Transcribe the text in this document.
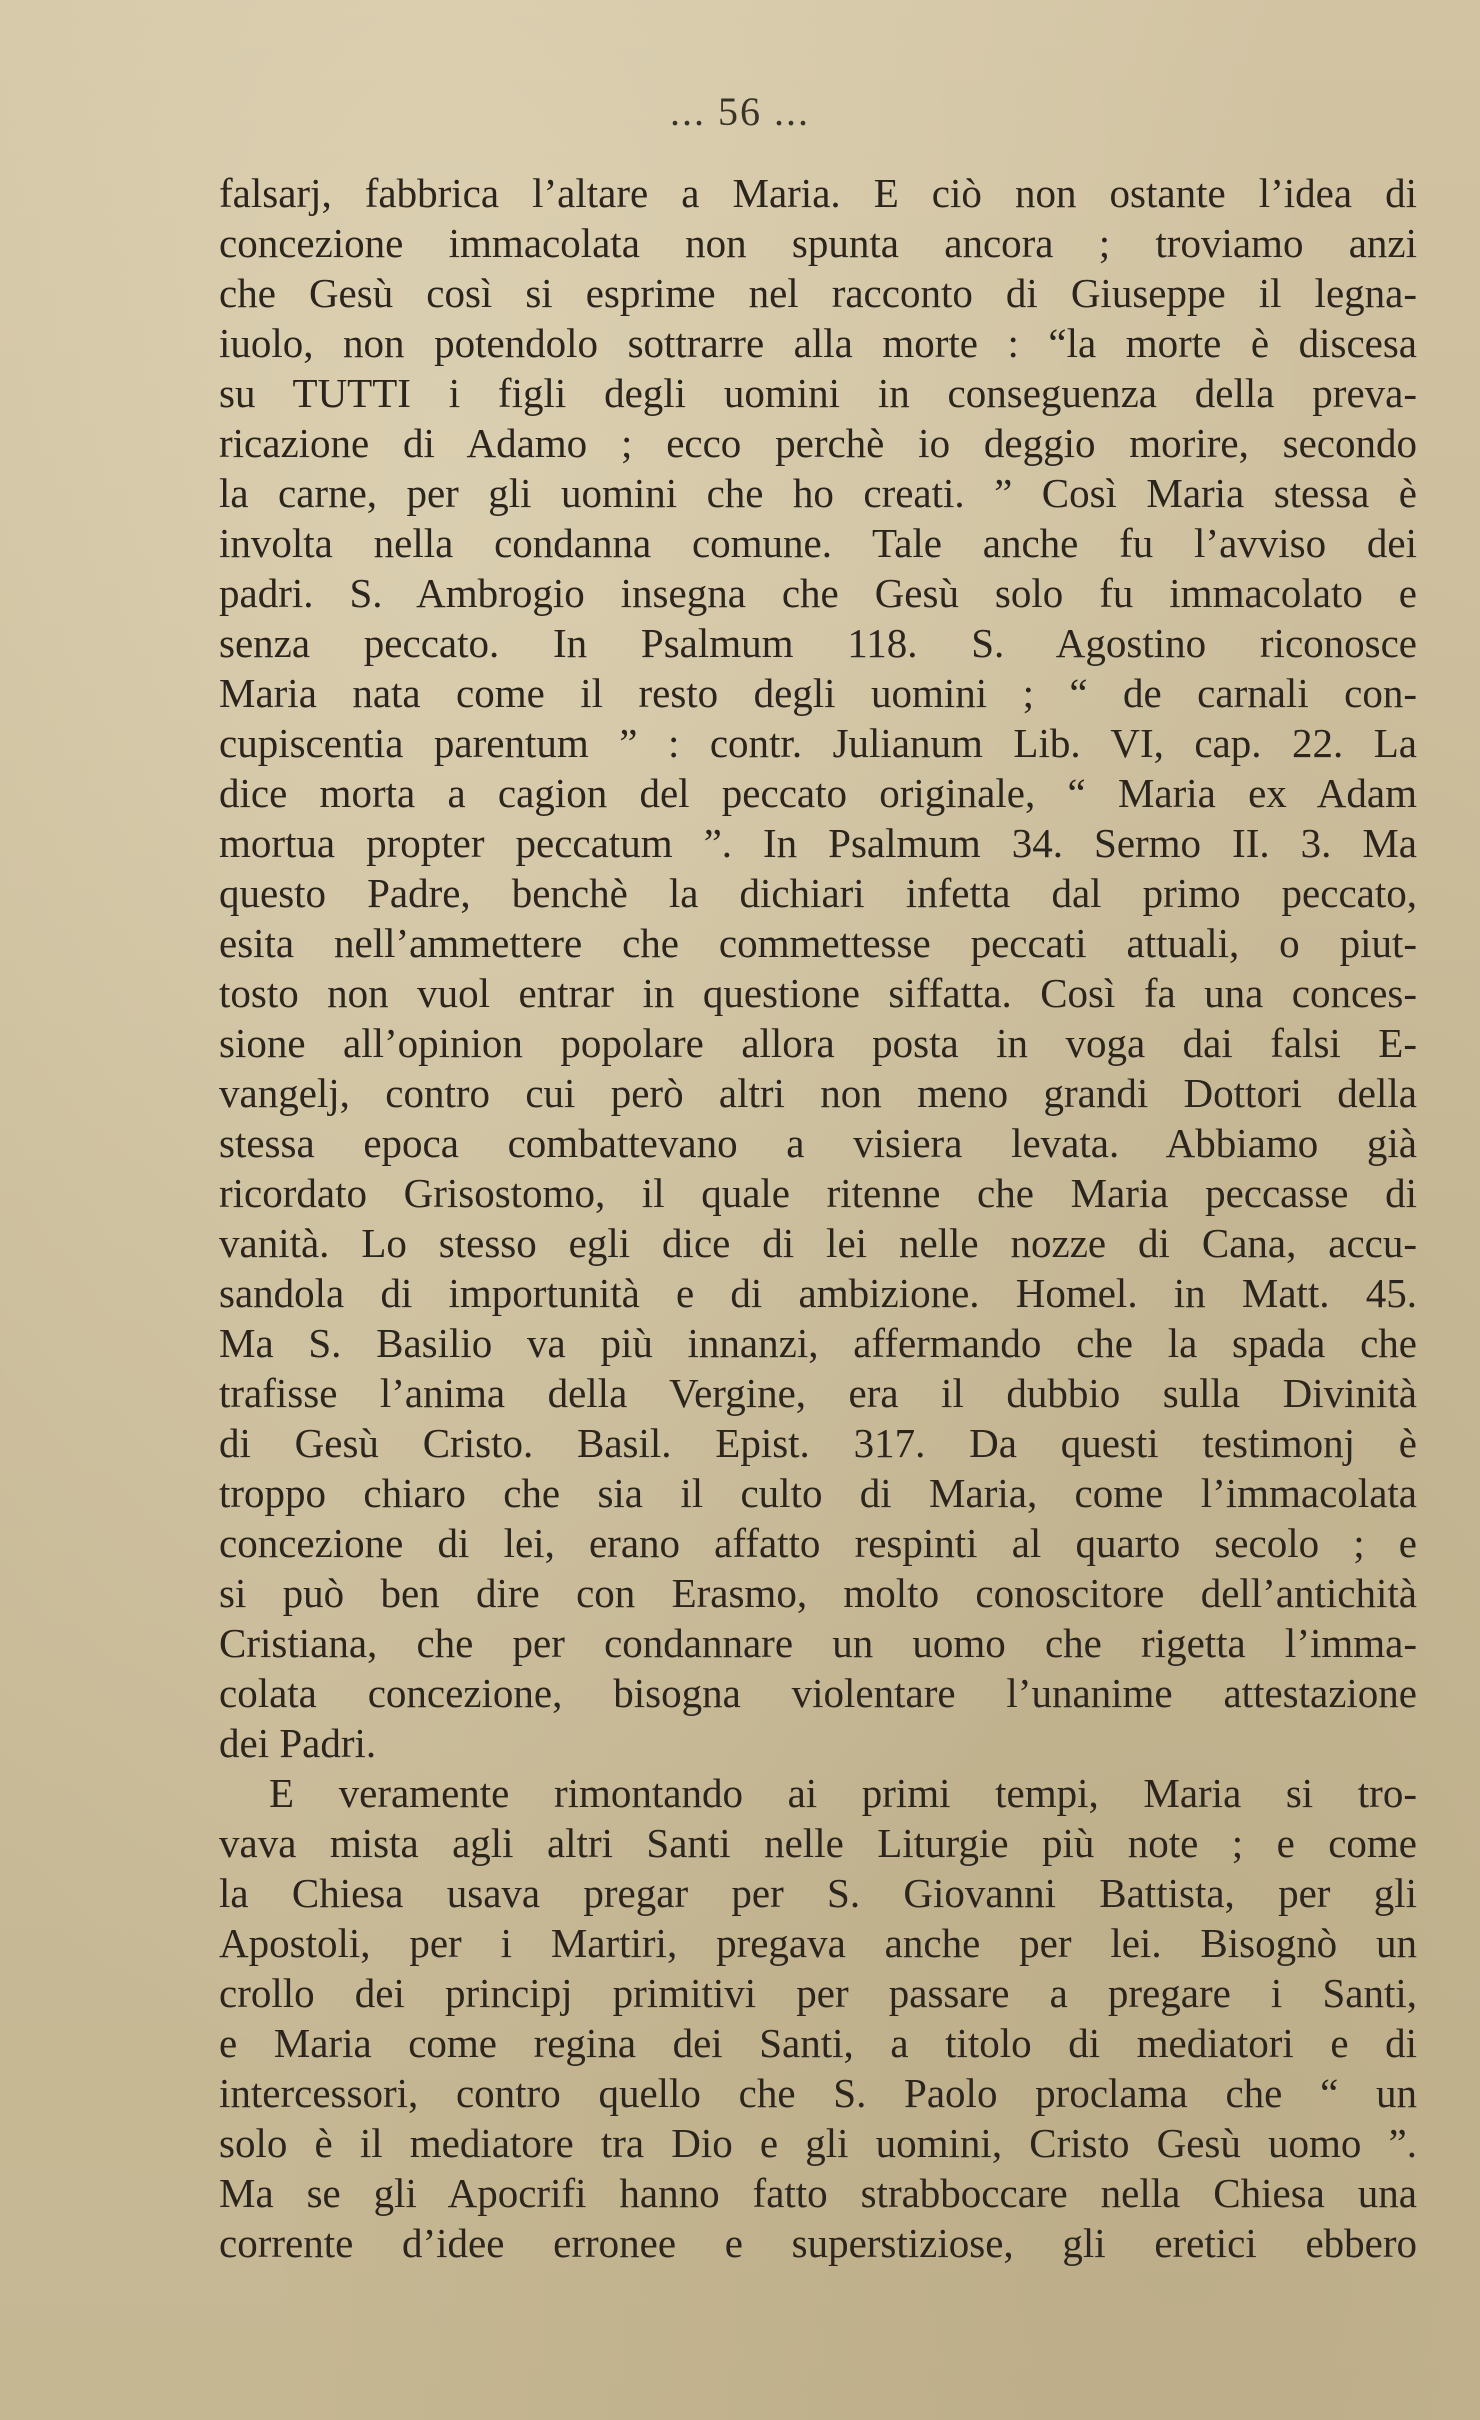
... 56 ...
falsarj, fabbrica l’altare a Maria. E ciò non ostante l’idea di
concezione immacolata non spunta ancora ; troviamo anzi
che Gesù così si esprime nel racconto di Giuseppe il legna-
iuolo, non potendolo sottrarre alla morte : “la morte è discesa
su TUTTI i figli degli uomini in conseguenza della preva-
ricazione di Adamo ; ecco perchè io deggio morire, secondo
la carne, per gli uomini che ho creati. ” Così Maria stessa è
involta nella condanna comune. Tale anche fu l’avviso dei
padri. S. Ambrogio insegna che Gesù solo fu immacolato e
senza peccato. In Psalmum 118. S. Agostino riconosce
Maria nata come il resto degli uomini ; “ de carnali con-
cupiscentia parentum ” : contr. Julianum Lib. VI, cap. 22. La
dice morta a cagion del peccato originale, “ Maria ex Adam
mortua propter peccatum ”. In Psalmum 34. Sermo II. 3. Ma
questo Padre, benchè la dichiari infetta dal primo peccato,
esita nell’ammettere che commettesse peccati attuali, o piut-
tosto non vuol entrar in questione siffatta. Così fa una conces-
sione all’opinion popolare allora posta in voga dai falsi E-
vangelj, contro cui però altri non meno grandi Dottori della
stessa epoca combattevano a visiera levata. Abbiamo già
ricordato Grisostomo, il quale ritenne che Maria peccasse di
vanità. Lo stesso egli dice di lei nelle nozze di Cana, accu-
sandola di importunità e di ambizione. Homel. in Matt. 45.
Ma S. Basilio va più innanzi, affermando che la spada che
trafisse l’anima della Vergine, era il dubbio sulla Divinità
di Gesù Cristo. Basil. Epist. 317. Da questi testimonj è
troppo chiaro che sia il culto di Maria, come l’immacolata
concezione di lei, erano affatto respinti al quarto secolo ; e
si può ben dire con Erasmo, molto conoscitore dell’antichità
Cristiana, che per condannare un uomo che rigetta l’imma-
colata concezione, bisogna violentare l’unanime attestazione
dei Padri.
E veramente rimontando ai primi tempi, Maria si tro-
vava mista agli altri Santi nelle Liturgie più note ; e come
la Chiesa usava pregar per S. Giovanni Battista, per gli
Apostoli, per i Martiri, pregava anche per lei. Bisognò un
crollo dei principj primitivi per passare a pregare i Santi,
e Maria come regina dei Santi, a titolo di mediatori e di
intercessori, contro quello che S. Paolo proclama che “ un
solo è il mediatore tra Dio e gli uomini, Cristo Gesù uomo ”.
Ma se gli Apocrifi hanno fatto strabboccare nella Chiesa una
corrente d’idee erronee e superstiziose, gli eretici ebbero
